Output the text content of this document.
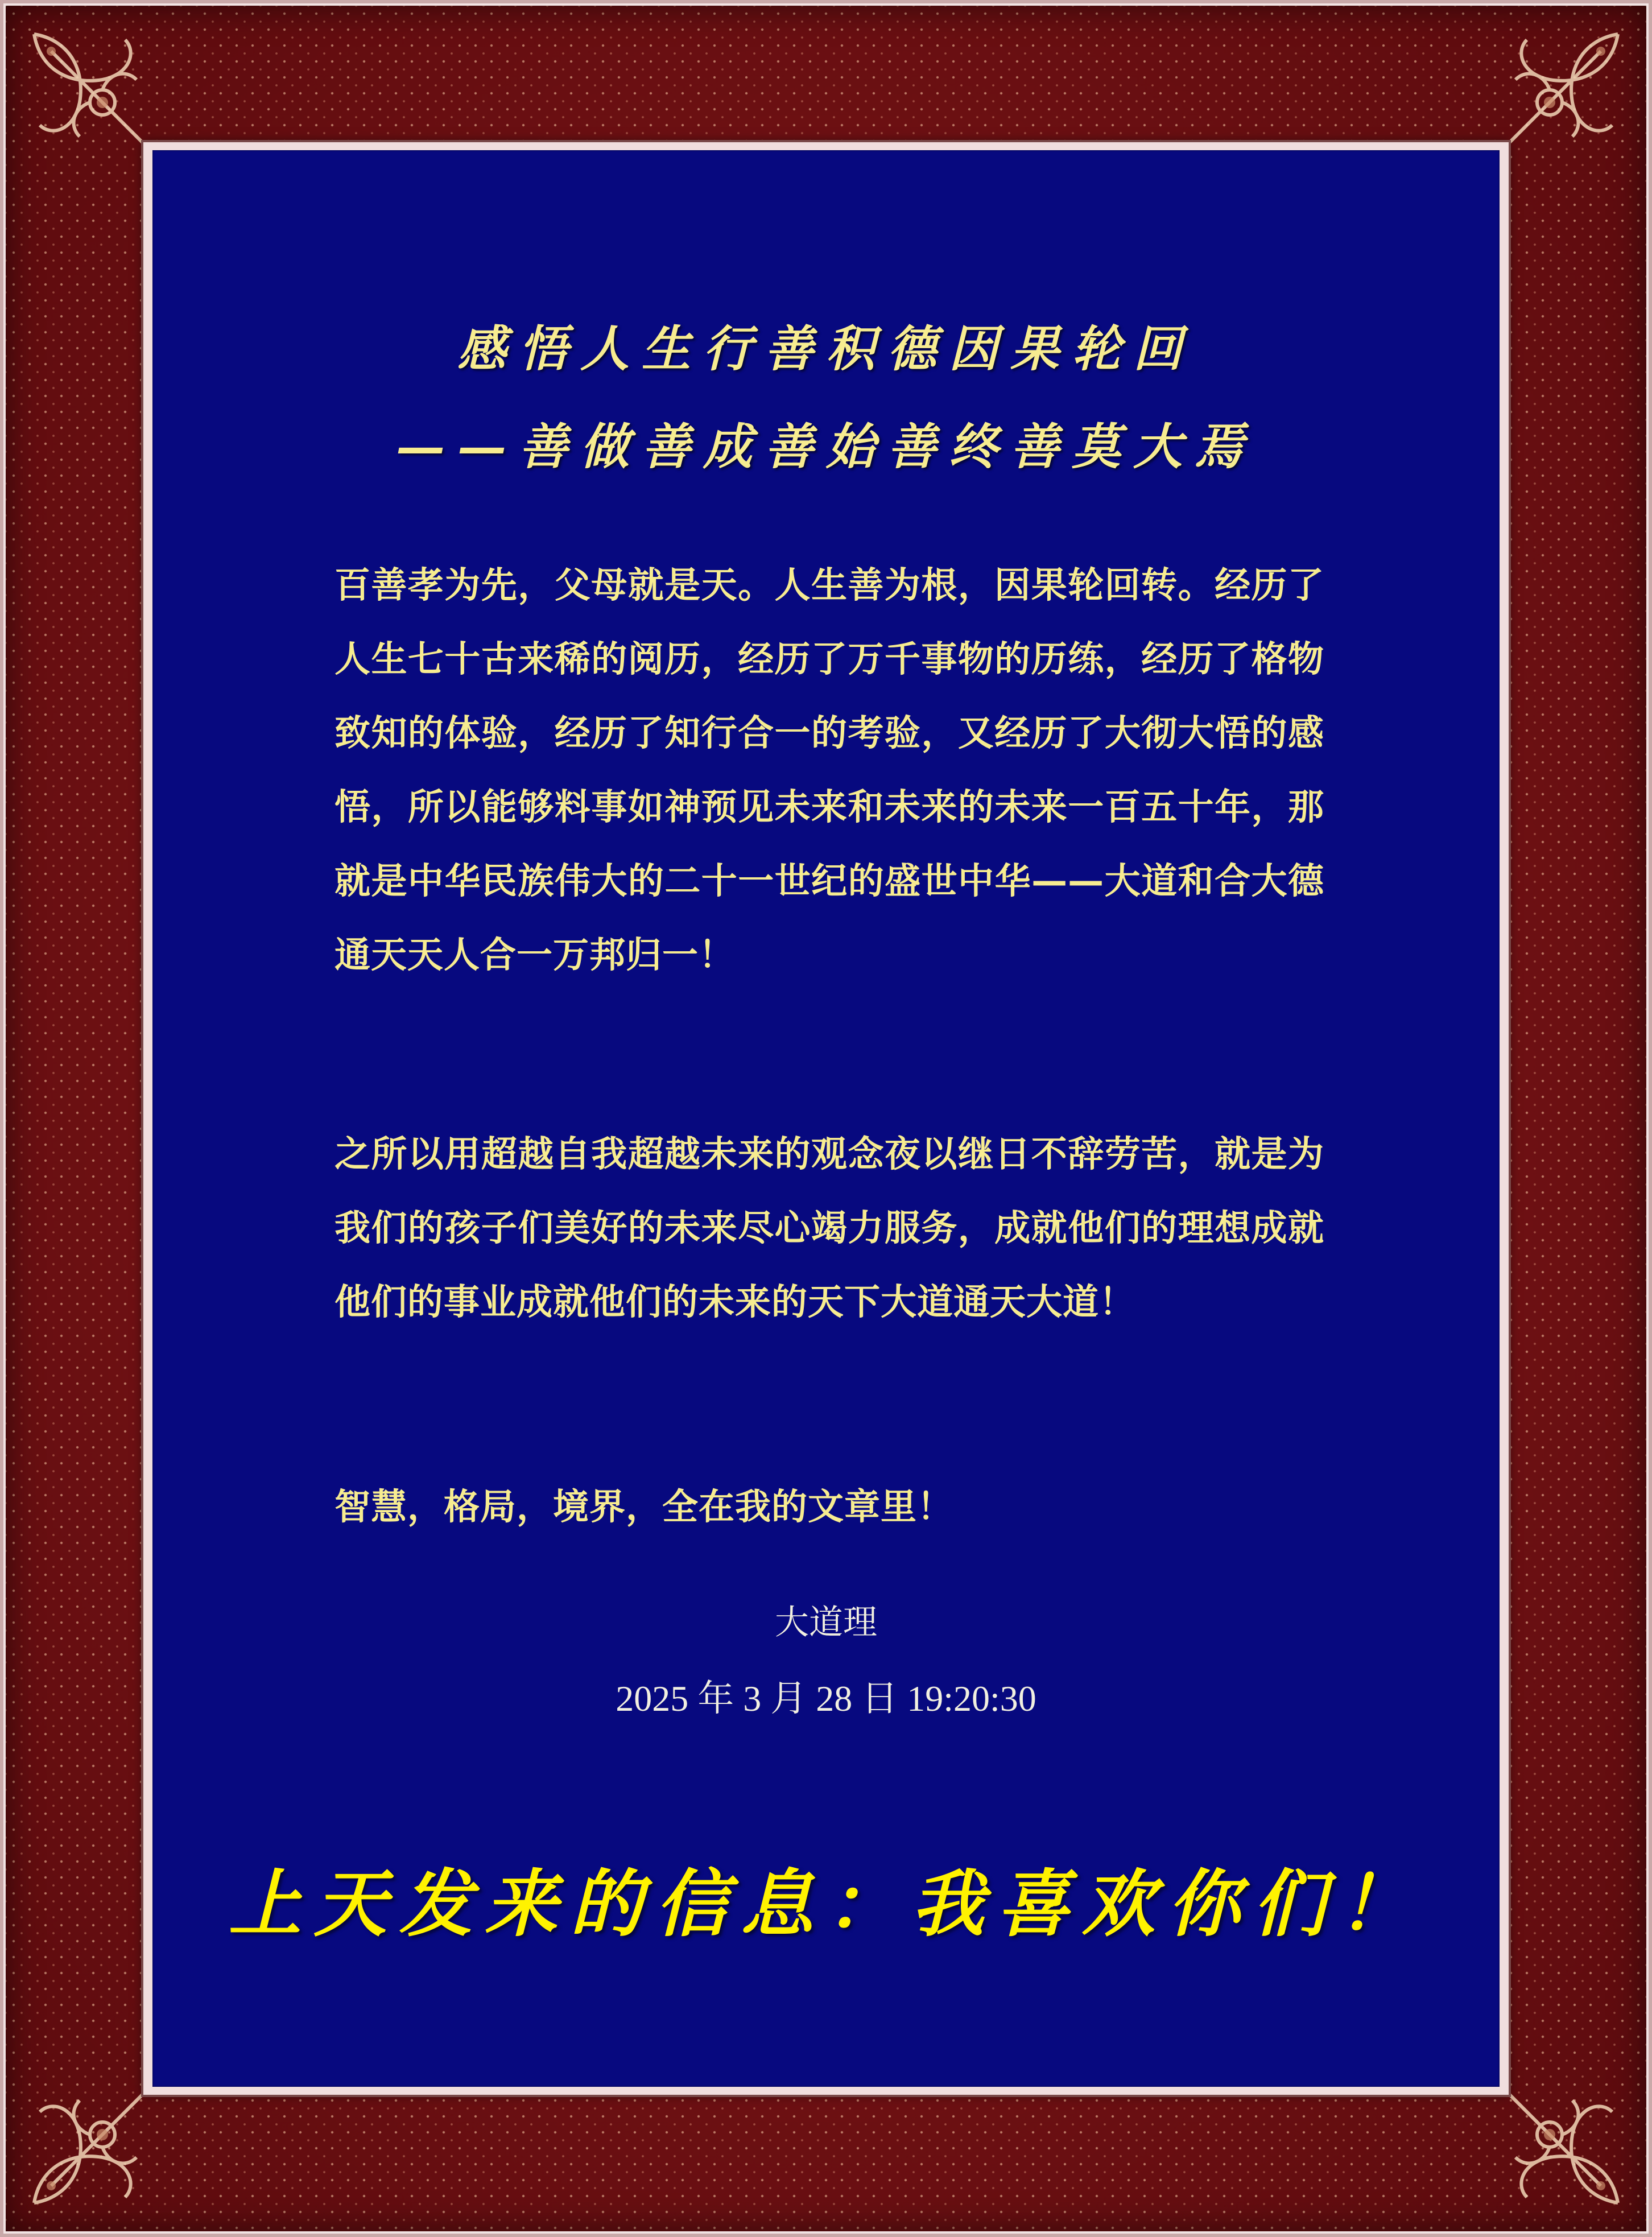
感悟人生行善积德因果轮回
——善做善成善始善终善莫大焉
百善孝为先，父母就是天。人生善为根，因果轮回转。经历了人生七十古来稀的阅历，经历了万千事物的历练，经历了格物致知的体验，经历了知行合一的考验，又经历了大彻大悟的感悟，所以能够料事如神预见未来和未来的未来一百五十年，那就是中华民族伟大的二十一世纪的盛世中华——大道和合大德通天天人合一万邦归一！
之所以用超越自我超越未来的观念夜以继日不辞劳苦，就是为我们的孩子们美好的未来尽心竭力服务，成就他们的理想成就他们的事业成就他们的未来的天下大道通天大道！
智慧，格局，境界，全在我的文章里！
大道理
2025 年 3 月 28 日 19:20:30
上天发来的信息：我喜欢你们！
